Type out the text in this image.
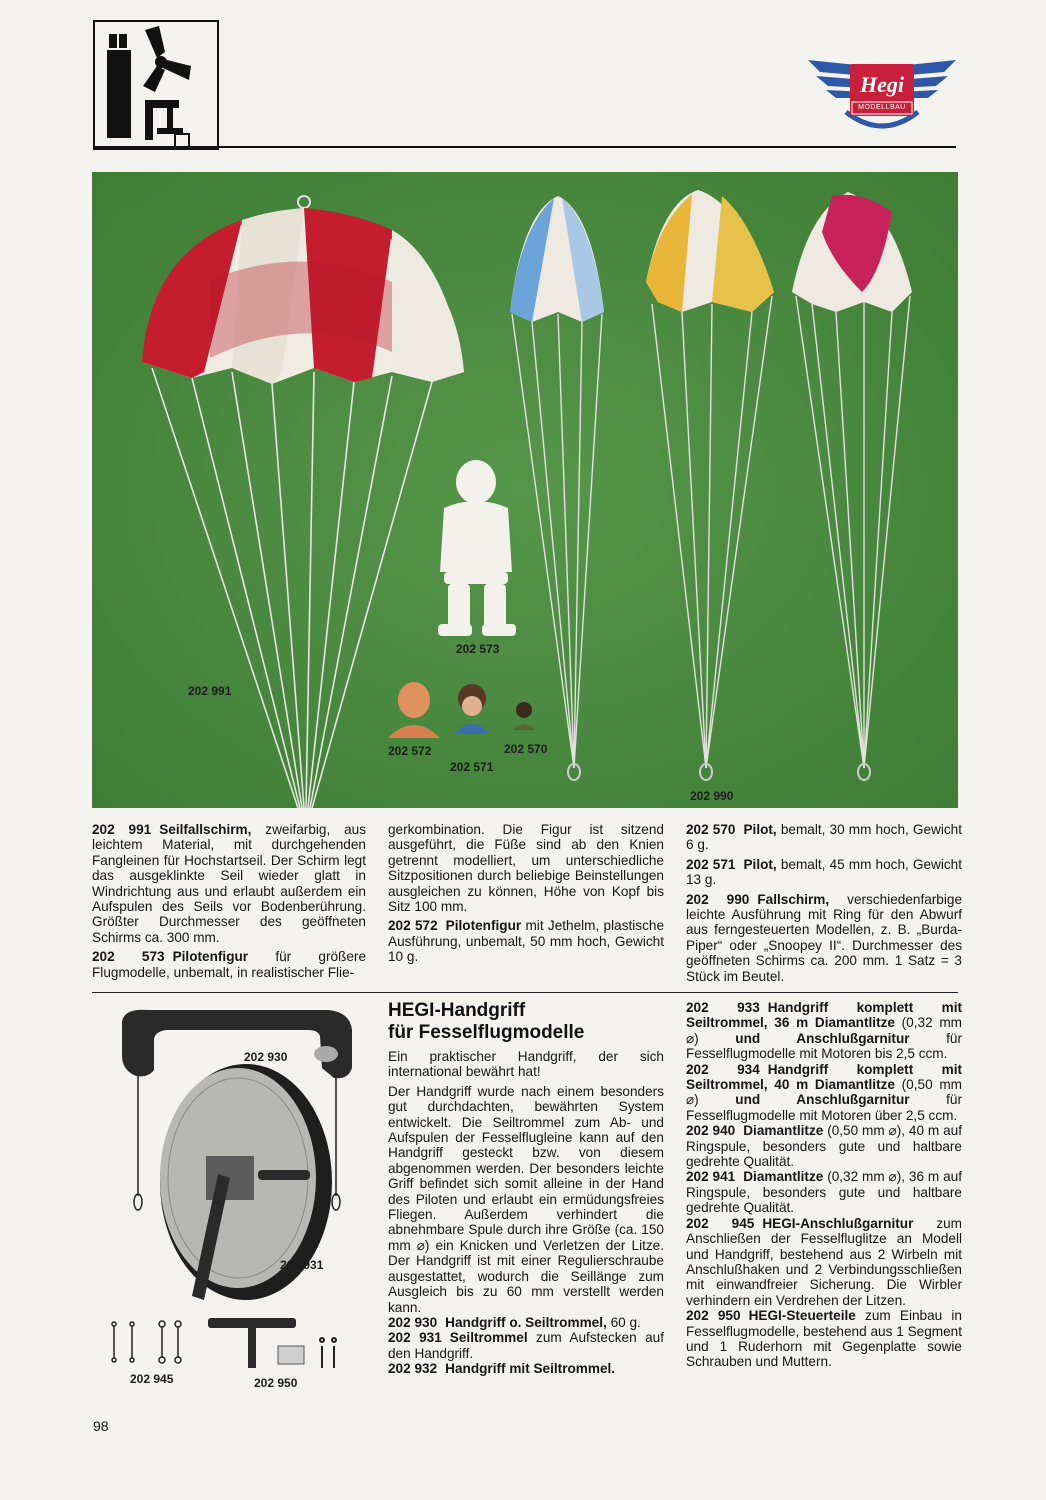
Hegi
MODELLBAU
202 991
202 573
202 572
202 571
202 570
202 990

202 991 Seilfallschirm, zweifarbig, aus leichtem Material, mit durchgehenden Fangleinen für Hochstartseil. Der Schirm legt das ausgeklinkte Seil wieder glatt in Windrichtung aus und erlaubt außerdem ein Aufspulen des Seils vor Bodenberührung. Größter Durchmesser des geöffneten Schirms ca. 300 mm.

202 573 Pilotenfigur für größere Flugmodelle, unbemalt, in realistischer Flie-

gerkombination. Die Figur ist sitzend ausgeführt, die Füße sind ab den Knien getrennt modelliert, um unterschiedliche Sitzpositionen durch beliebige Beinstellungen ausgleichen zu können, Höhe von Kopf bis Sitz 100 mm.

202 572 Pilotenfigur mit Jethelm, plastische Ausführung, unbemalt, 50 mm hoch, Gewicht 10 g.

202 570 Pilot, bemalt, 30 mm hoch, Gewicht 6 g.

202 571 Pilot, bemalt, 45 mm hoch, Gewicht 13 g.

202 990 Fallschirm, verschiedenfarbige leichte Ausführung mit Ring für den Abwurf aus ferngesteuerten Modellen, z. B. „Burda-Piper“ oder „Snoopey II“. Durchmesser des geöffneten Schirms ca. 200 mm. 1 Satz = 3 Stück im Beutel.

202 930
202 931
202 945	202 950
HEGI-Handgriff
für Fesselflugmodelle

Ein praktischer Handgriff, der sich international bewährt hat!

Der Handgriff wurde nach einem besonders gut durchdachten, bewährten System entwickelt. Die Seiltrommel zum Ab- und Aufspulen der Fesselflugleine kann auf den Handgriff gesteckt bzw. von diesem abgenommen werden. Der besonders leichte Griff befindet sich somit alleine in der Hand des Piloten und erlaubt ein ermüdungsfreies Fliegen. Außerdem verhindert die abnehmbare Spule durch ihre Größe (ca. 150 mm ⌀) ein Knicken und Verletzen der Litze. Der Handgriff ist mit einer Regulierschraube ausgestattet, wodurch die Seillänge zum Ausgleich bis zu 60 mm verstellt werden kann.

202 930 Handgriff o. Seiltrommel, 60 g.

202 931 Seiltrommel zum Aufstecken auf den Handgriff.

202 932 Handgriff mit Seiltrommel.

202 933 Handgriff komplett mit Seiltrommel, 36 m Diamantlitze (0,32 mm ⌀)	und Anschlußgarnitur	für Fesselflugmodelle mit Motoren bis 2,5 ccm.

202 934 Handgriff komplett mit Seiltrommel, 40 m Diamantlitze (0,50 mm ⌀)	und Anschlußgarnitur	für Fesselflugmodelle mit Motoren über 2,5 ccm.

202 940 Diamantlitze (0,50 mm ⌀), 40 m auf Ringspule, besonders gute und haltbare gedrehte Qualität.

202 941 Diamantlitze (0,32 mm ⌀), 36 m auf Ringspule, besonders gute und haltbare gedrehte Qualität.

202 945 HEGI-Anschlußgarnitur zum Anschließen der Fesselfluglitze an Modell und Handgriff, bestehend aus 2 Wirbeln mit Anschlußhaken und 2 Verbindungsschließen mit einwandfreier Sicherung. Die Wirbler verhindern ein Verdrehen der Litzen.

202 950 HEGI-Steuerteile zum Einbau in Fesselflugmodelle, bestehend aus 1 Segment und 1 Ruderhorn mit Gegenplatte sowie Schrauben und Muttern.

98
